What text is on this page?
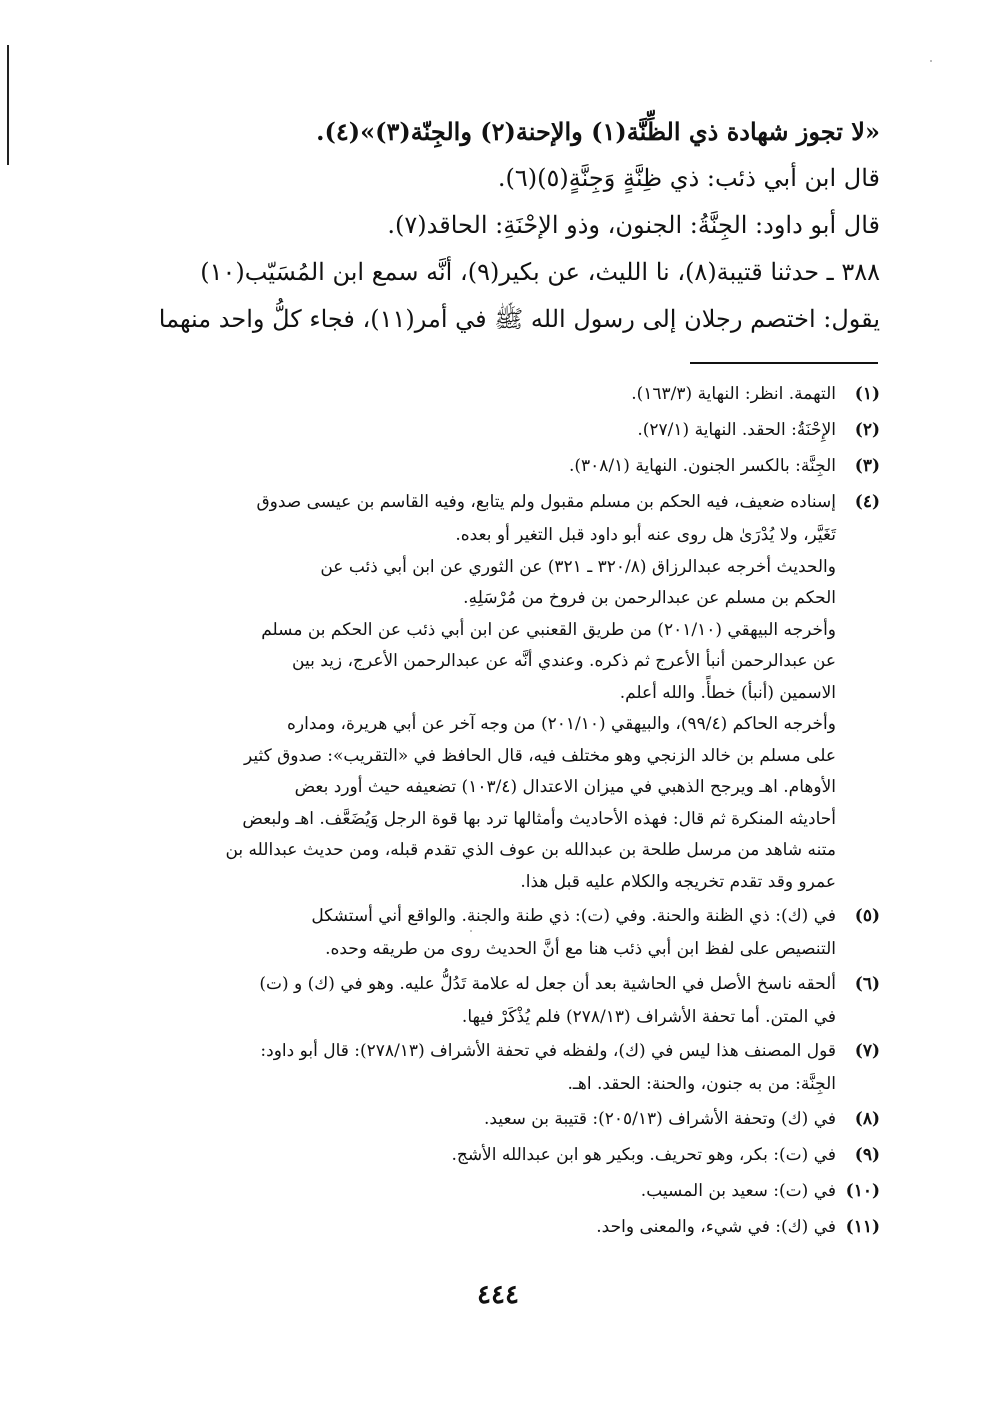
«لا تجوز شهادة ذي الظِّنَّة(١) والإحنة(٢) والجِنّة(٣)»(٤).
قال ابن أبي ذئب: ذي ظِنَّةٍ وَجِنَّةٍ(٥)(٦).
قال أبو داود: الجِنَّةُ: الجنون، وذو الإحْنَةِ: الحاقد(٧).
٣٨٨ ـ حدثنا قتيبة(٨)، نا الليث، عن بكير(٩)، أنَّه سمع ابن المُسَيّب(١٠)
يقول: اختصم رجلان إلى رسول الله ﷺ في أمر(١١)، فجاء كلُّ واحد منهما
(١)
التهمة. انظر: النهاية (١٦٣/٣).
(٢)
الإِحْنَةُ: الحقد. النهاية (٢٧/١).
(٣)
الجِنَّة: بالكسر الجنون. النهاية (٣٠٨/١).
(٤)
إسناده ضعيف، فيه الحكم بن مسلم مقبول ولم يتابع، وفيه القاسم بن عيسى صدوق
تَغَيَّر، ولا يُدْرَىٰ هل روى عنه أبو داود قبل التغير أو بعده.
والحديث أخرجه عبدالرزاق (٣٢٠/٨ ـ ٣٢١) عن الثوري عن ابن أبي ذئب عن
الحكم بن مسلم عن عبدالرحمن بن فروخ من مُرْسَلِهِ.
وأخرجه البيهقي (٢٠١/١٠) من طريق القعنبي عن ابن أبي ذئب عن الحكم بن مسلم
عن عبدالرحمن أنبأ الأعرج ثم ذكره. وعندي أنَّه عن عبدالرحمن الأعرج، زيد بين
الاسمين (أنبأ) خطأً. والله أعلم.
وأخرجه الحاكم (٩٩/٤)، والبيهقي (٢٠١/١٠) من وجه آخر عن أبي هريرة، ومداره
على مسلم بن خالد الزنجي وهو مختلف فيه، قال الحافظ في «التقريب»: صدوق كثير
الأوهام. اهـ ويرجح الذهبي في ميزان الاعتدال (١٠٣/٤) تضعيفه حيث أورد بعض
أحاديثه المنكرة ثم قال: فهذه الأحاديث وأمثالها ترد بها قوة الرجل وَيُضَعَّف. اهـ ولبعض
متنه شاهد من مرسل طلحة بن عبدالله بن عوف الذي تقدم قبله، ومن حديث عبدالله بن
عمرو وقد تقدم تخريجه والكلام عليه قبل هذا.
(٥)
في (ك): ذي الظنة والحنة. وفي (ت): ذي طنة والجنة. والواقع أني أستشكل
التنصيص على لفظ ابن أبي ذئب هنا مع أنَّ الحديث روى من طريقه وحده.
(٦)
ألحقه ناسخ الأصل في الحاشية بعد أن جعل له علامة تَدُلُّ عليه. وهو في (ك) و (ت)
في المتن. أما تحفة الأشراف (٢٧٨/١٣) فلم يُذْكَرْ فيها.
(٧)
قول المصنف هذا ليس في (ك)، ولفظه في تحفة الأشراف (٢٧٨/١٣): قال أبو داود:
الجِنَّة: من به جنون، والحنة: الحقد. اهـ.
(٨)
في (ك) وتحفة الأشراف (٢٠٥/١٣): قتيبة بن سعيد.
(٩)
في (ت): بكر، وهو تحريف. وبكير هو ابن عبدالله الأشج.
(١٠)
في (ت): سعيد بن المسيب.
(١١)
في (ك): في شيء، والمعنى واحد.
٤٤٤
